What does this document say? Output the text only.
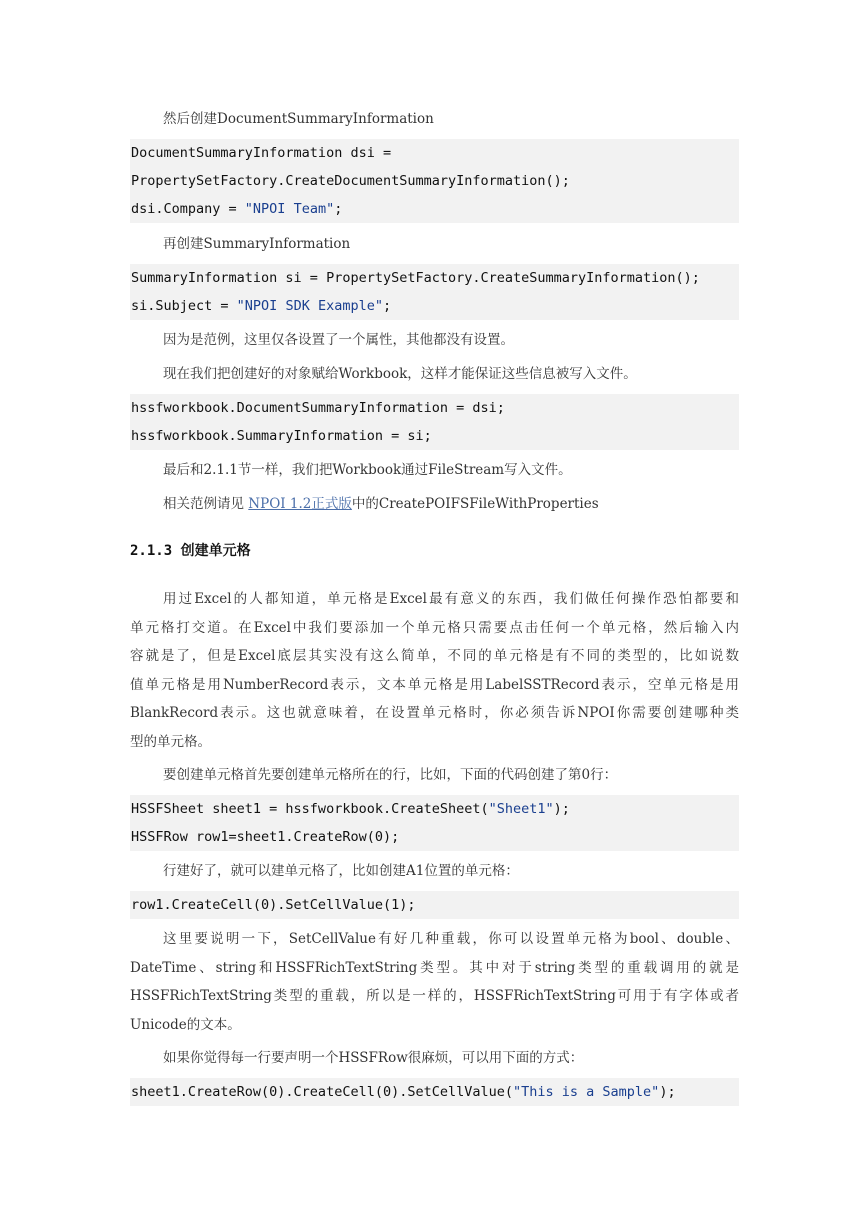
然后创建DocumentSummaryInformation
DocumentSummaryInformation dsi =
PropertySetFactory.CreateDocumentSummaryInformation();
dsi.Company = "NPOI Team";
再创建SummaryInformation
SummaryInformation si = PropertySetFactory.CreateSummaryInformation();
si.Subject = "NPOI SDK Example";
因为是范例，这里仅各设置了一个属性，其他都没有设置。
现在我们把创建好的对象赋给Workbook，这样才能保证这些信息被写入文件。
hssfworkbook.DocumentSummaryInformation = dsi;
hssfworkbook.SummaryInformation = si;
最后和2.1.1节一样，我们把Workbook通过FileStream写入文件。
相关范例请见 NPOI 1.2正式版中的CreatePOIFSFileWithProperties
2.1.3 创建单元格
用过Excel的人都知道，单元格是Excel最有意义的东西，我们做任何操作恐怕都要和
单元格打交道。在Excel中我们要添加一个单元格只需要点击任何一个单元格，然后输入内
容就是了，但是Excel底层其实没有这么简单，不同的单元格是有不同的类型的，比如说数
值单元格是用NumberRecord表示，文本单元格是用LabelSSTRecord表示，空单元格是用
BlankRecord表示。这也就意味着，在设置单元格时，你必须告诉NPOI你需要创建哪种类
型的单元格。
要创建单元格首先要创建单元格所在的行，比如，下面的代码创建了第0行：
HSSFSheet sheet1 = hssfworkbook.CreateSheet("Sheet1");
HSSFRow row1=sheet1.CreateRow(0);
行建好了，就可以建单元格了，比如创建A1位置的单元格：
row1.CreateCell(0).SetCellValue(1);
这里要说明一下，SetCellValue有好几种重载，你可以设置单元格为bool、double、
DateTime、string和HSSFRichTextString类型。其中对于string类型的重载调用的就是
HSSFRichTextString类型的重载，所以是一样的，HSSFRichTextString可用于有字体或者
Unicode的文本。
如果你觉得每一行要声明一个HSSFRow很麻烦，可以用下面的方式：
sheet1.CreateRow(0).CreateCell(0).SetCellValue("This is a Sample");
